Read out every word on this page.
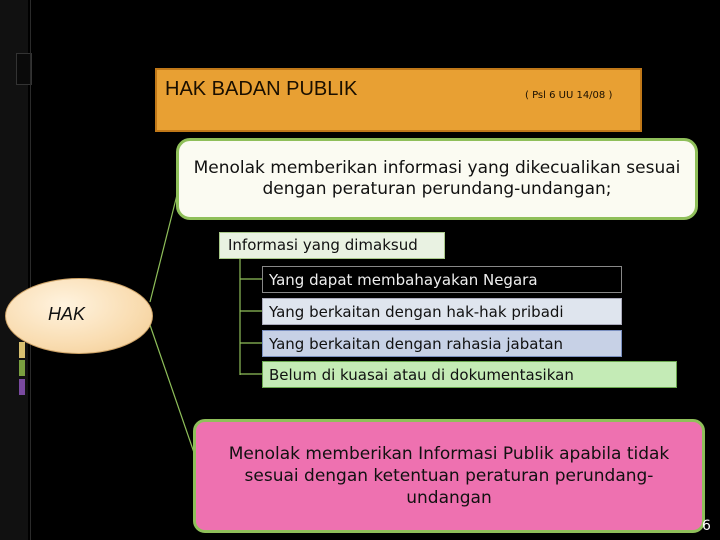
HAK BADAN PUBLIK	( Psl 6 UU 14/08 )
HAK
Menolak memberikan informasi yang dikecualikan sesuai dengan peraturan perundang-undangan;
Informasi yang dimaksud
Yang dapat membahayakan Negara
Yang berkaitan dengan hak-hak pribadi
Yang berkaitan dengan rahasia jabatan
Belum di kuasai atau di dokumentasikan
Menolak memberikan Informasi Publik apabila tidak sesuai dengan ketentuan peraturan perundang-undangan
6
